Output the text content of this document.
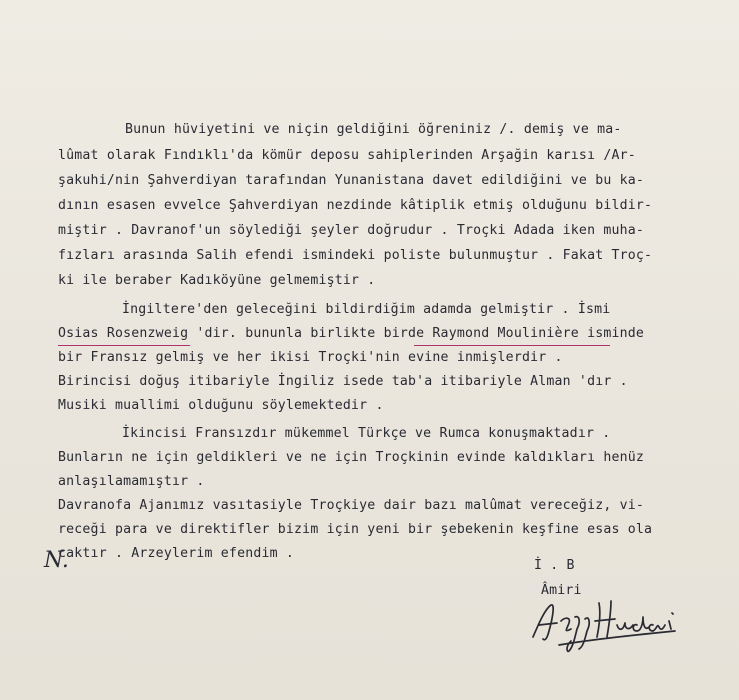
Bunun hüviyetini ve niçin geldiğini öğreniniz /. demiş ve ma-
lûmat olarak Fındıklı'da kömür deposu sahiplerinden Arşağin karısı /Ar-
şakuhi/nin Şahverdiyan tarafından Yunanistana davet edildiğini ve bu ka-
dının esasen evvelce Şahverdiyan nezdinde kâtiplik etmiş olduğunu bildir-
miştir . Davranof'un söylediği şeyler doğrudur . Troçki Adada iken muha-
fızları arasında Salih efendi ismindeki poliste bulunmuştur . Fakat Troç-
ki ile beraber Kadıköyüne gelmemiştir .
İngiltere'den geleceğini bildirdiğim adamda gelmiştir . İsmi
Osias Rosenzweig 'dir. bununla birlikte birde Raymond Moulinière isminde
bir Fransız gelmiş ve her ikisi Troçki'nin evine inmişlerdir .
Birincisi doğuş itibariyle İngiliz isede tab'a itibariyle Alman 'dır .
Musiki muallimi olduğunu söylemektedir .
İkincisi Fransızdır mükemmel Türkçe ve Rumca konuşmaktadır .
Bunların ne için geldikleri ve ne için Troçkinin evinde kaldıkları henüz
anlaşılamamıştır .
Davranofa Ajanımız vasıtasiyle Troçkiye dair bazı malûmat vereceğiz, vi-
receği para ve direktifler bizim için yeni bir şebekenin keşfine esas ola
caktır . Arzeylerim efendim .
N.	İ . B
Âmiri
